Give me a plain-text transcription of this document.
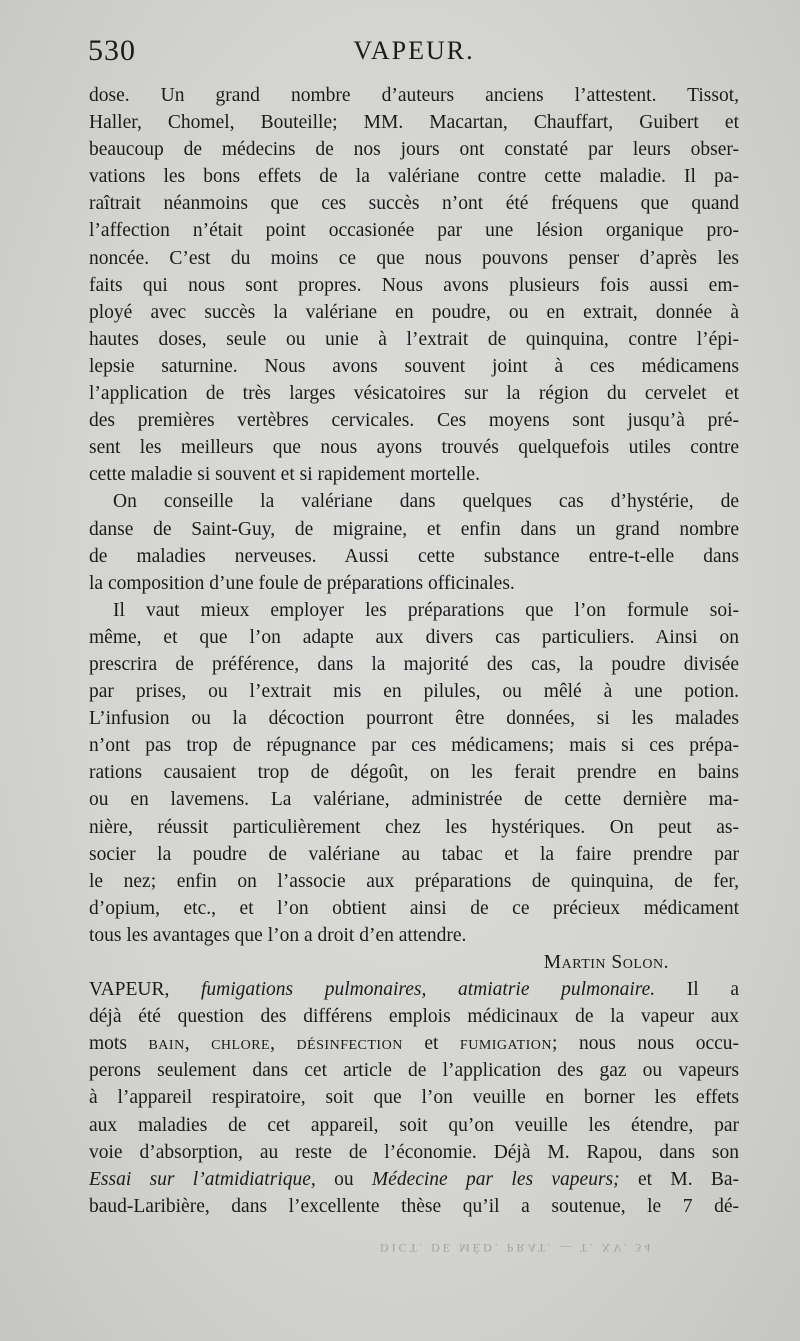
530	VAPEUR.
dose. Un grand nombre d’auteurs anciens l’attestent. Tissot,
Haller, Chomel, Bouteille; MM. Macartan, Chauffart, Guibert et
beaucoup de médecins de nos jours ont constaté par leurs obser-
vations les bons effets de la valériane contre cette maladie. Il pa-
raîtrait néanmoins que ces succès n’ont été fréquens que quand
l’affection n’était point occasionée par une lésion organique pro-
noncée. C’est du moins ce que nous pouvons penser d’après les
faits qui nous sont propres. Nous avons plusieurs fois aussi em-
ployé avec succès la valériane en poudre, ou en extrait, donnée à
hautes doses, seule ou unie à l’extrait de quinquina, contre l’épi-
lepsie saturnine. Nous avons souvent joint à ces médicamens
l’application de très larges vésicatoires sur la région du cervelet et
des premières vertèbres cervicales. Ces moyens sont jusqu’à pré-
sent les meilleurs que nous ayons trouvés quelquefois utiles contre
cette maladie si souvent et si rapidement mortelle.
On conseille la valériane dans quelques cas d’hystérie, de
danse de Saint-Guy, de migraine, et enfin dans un grand nombre
de maladies nerveuses. Aussi cette substance entre-t-elle dans
la composition d’une foule de préparations officinales.
Il vaut mieux employer les préparations que l’on formule soi-
même, et que l’on adapte aux divers cas particuliers. Ainsi on
prescrira de préférence, dans la majorité des cas, la poudre divisée
par prises, ou l’extrait mis en pilules, ou mêlé à une potion.
L’infusion ou la décoction pourront être données, si les malades
n’ont pas trop de répugnance par ces médicamens; mais si ces prépa-
rations causaient trop de dégoût, on les ferait prendre en bains
ou en lavemens. La valériane, administrée de cette dernière ma-
nière, réussit particulièrement chez les hystériques. On peut as-
socier la poudre de valériane au tabac et la faire prendre par
le nez; enfin on l’associe aux préparations de quinquina, de fer,
d’opium, etc., et l’on obtient ainsi de ce précieux médicament
tous les avantages que l’on a droit d’en attendre.
Martin Solon.
VAPEUR, fumigations pulmonaires, atmiatrie pulmonaire. Il a
déjà été question des différens emplois médicinaux de la vapeur aux
mots bain, chlore, désinfection et fumigation; nous nous occu-
perons seulement dans cet article de l’application des gaz ou vapeurs
à l’appareil respiratoire, soit que l’on veuille en borner les effets
aux maladies de cet appareil, soit qu’on veuille les étendre, par
voie d’absorption, au reste de l’économie. Déjà M. Rapou, dans son
Essai sur l’atmidiatrique, ou Médecine par les vapeurs; et M. Ba-
baud-Laribière, dans l’excellente thèse qu’il a soutenue, le 7 dé-
DICT. DE MÉD. PRAT. — T. XV. 34
